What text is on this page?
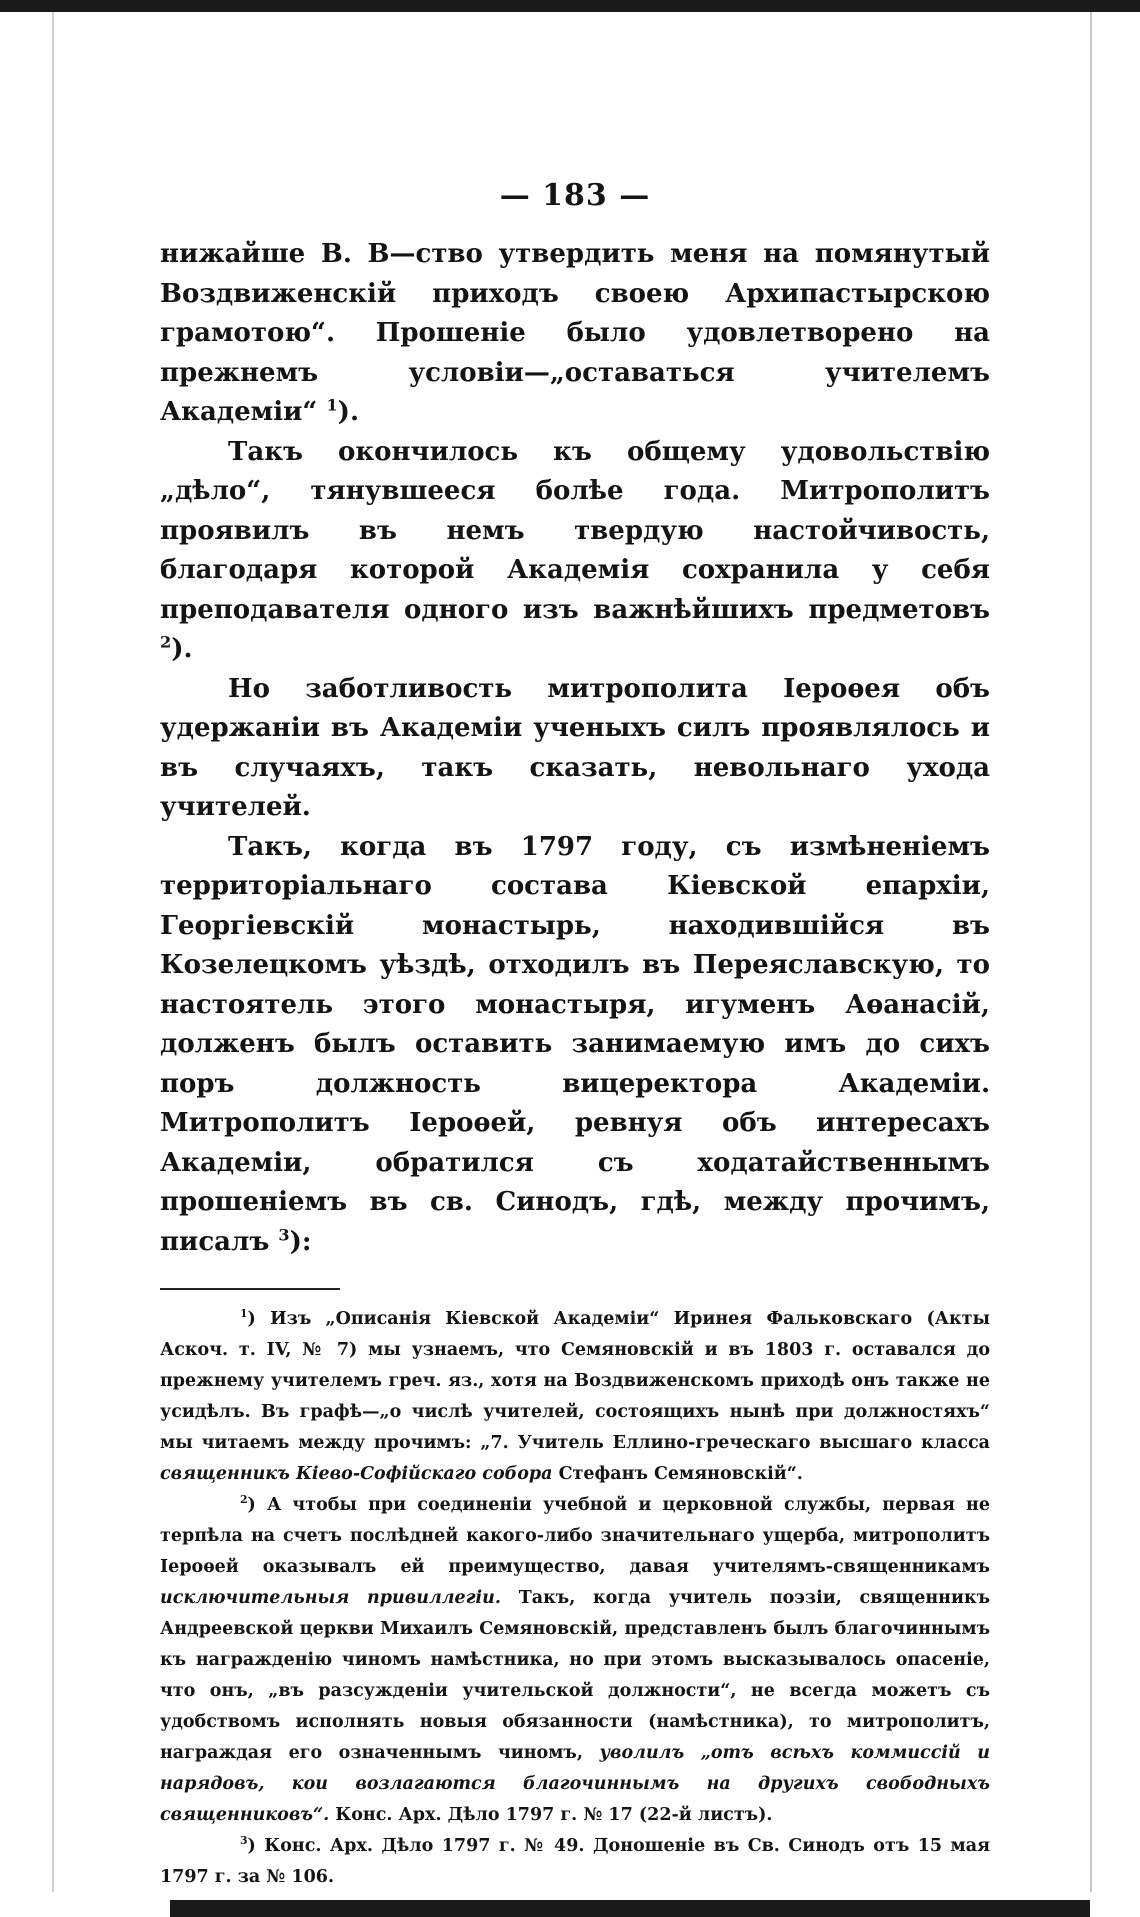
— 183 —

нижайше В. В—ство утвердить меня на помянутый Воздвиженскій приходъ своею Архипастырскою грамотою“. Прошеніе было удовлетворено на прежнемъ условіи—„оставаться учителемъ Академіи“ $^1$).

Такъ окончилось къ общему удовольствію „дѣло“, тянувшееся болѣе года. Митрополитъ проявилъ въ немъ твердую настойчивость, благодаря которой Академія сохранила у себя преподавателя одного изъ важнѣйшихъ предметовъ $^2$).

Но заботливость митрополита Іероѳея объ удержаніи въ Академіи ученыхъ силъ проявлялось и въ случаяхъ, такъ сказать, невольнаго ухода учителей.

Такъ, когда въ 1797 году, съ измѣненіемъ территоріальнаго состава Кіевской епархіи, Георгіевскій монастырь, находившійся въ Козелецкомъ уѣздѣ, отходилъ въ Переяславскую, то настоятель этого монастыря, игуменъ Аѳанасій, долженъ былъ оставить занимаемую имъ до сихъ поръ должность вицеректора Академіи. Митрополитъ Іероѳей, ревнуя объ интересахъ Академіи, обратился съ ходатайственнымъ прошеніемъ въ св. Синодъ, гдѣ, между прочимъ, писалъ $^3$):

$^1$) Изъ „Описанія Кіевской Академіи“ Иринея Фальковскаго (Акты Аскоч. т. IV, № 7) мы узнаемъ, что Семяновскій и въ 1803 г. оставался до прежнему учителемъ греч. яз., хотя на Воздвиженскомъ приходѣ онъ также не усидѣлъ. Въ графѣ—„о числѣ учителей, состоящихъ нынѣ при должностяхъ“ мы читаемъ между прочимъ: „7. Учитель Еллино-греческаго высшаго класса священникъ Кіево-Софійскаго собора Стефанъ Семяновскій“.

$^2$) А чтобы при соединеніи учебной и церковной службы, первая не терпѣла на счетъ послѣдней какого-либо значительнаго ущерба, митрополитъ Іероѳей оказывалъ ей преимущество, давая учителямъ-священникамъ исключительныя привиллегіи. Такъ, когда учитель поэзіи, священникъ Андреевской церкви Михаилъ Семяновскій, представленъ былъ благочиннымъ къ награжденію чиномъ намѣстника, но при этомъ высказывалось опасеніе, что онъ, „въ разсужденіи учительской должности“, не всегда можетъ съ удобствомъ исполнять новыя обязанности (намѣстника), то митрополитъ, награждая его означеннымъ чиномъ, уволилъ „отъ всѣхъ коммиссій и нарядовъ, кои возлагаются благочиннымъ на другихъ свободныхъ священниковъ“. Конс. Арх. Дѣло 1797 г. № 17 (22-й листъ).

$^3$) Конс. Арх. Дѣло 1797 г. № 49. Доношеніе въ Св. Синодъ отъ 15 мая 1797 г. за № 106.
